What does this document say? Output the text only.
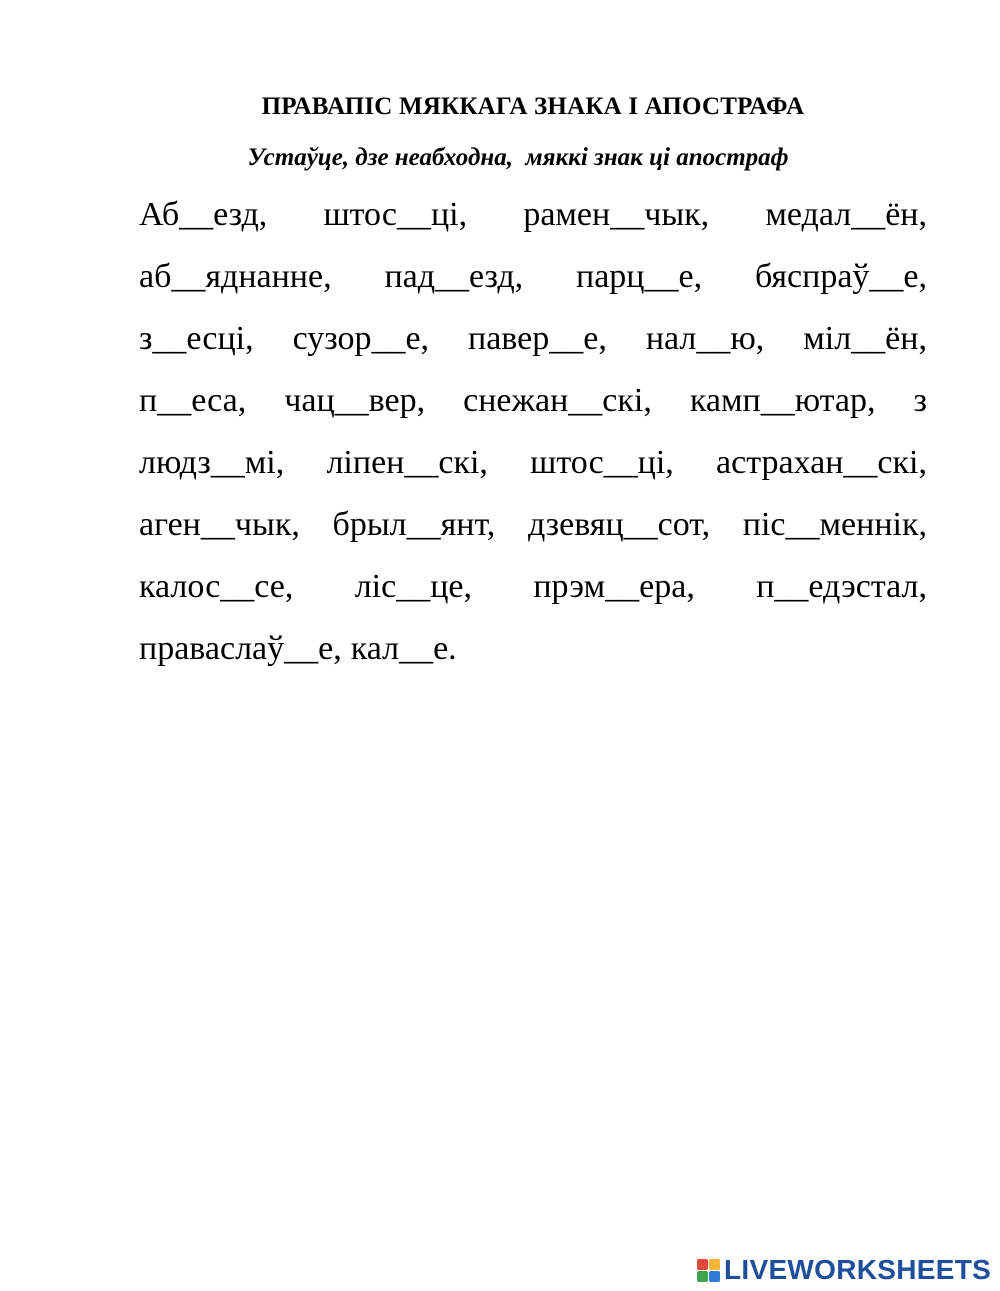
ПРАВАПІС МЯККАГА ЗНАКА І АПОСТРАФА
Устаўце, дзе неабходна,  мяккі знак ці апостраф
Аб__езд, штос__ці, рамен__чык, медал__ён,
аб__яднанне, пад__езд, парц__е, бяспраў__е,
з__есці, сузор__е, павер__е, нал__ю, міл__ён,
п__еса, чац__вер, снежан__скі, камп__ютар, з
людз__мі, ліпен__скі, штос__ці, астрахан__скі,
аген__чык, брыл__янт, дзевяц__сот, піс__меннік,
калос__се, ліс__це, прэм__ера, п__едэстал,
праваслаў__е, кал__е.
LIVEWORKSHEETS
